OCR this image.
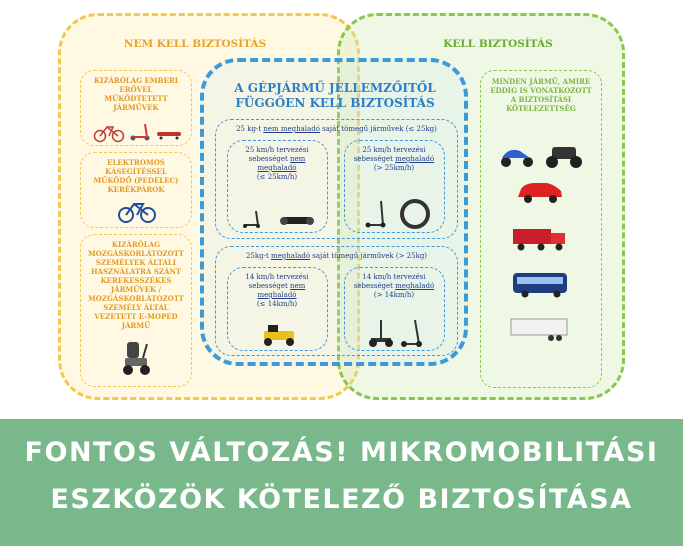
NEM KELL BIZTOSÍTÁS
KIZÁRÓLAG EMBERI ERŐVEL MŰKÖDTETETT JÁRMŰVEK
ELEKTROMOS KÁSEGÍTÉSSEL MŰKÖDŐ (PEDELEC) KERÉKPÁROK
KIZÁRÓLAG MOZGÁSKORLÁTOZOTT SZEMÉLYEK ÁLTALI HASZNÁLATRA SZÁNT KEREKESSZÉKES JÁRMŰVEK / MOZGÁSKORLÁTOZOTT SZEMÉLY ÁLTAL VEZETETT E-MOPED JÁRMŰ
KELL BIZTOSÍTÁS
MINDEN JÁRMŰ, AMIRE EDDIG IS VONATKOZOTT A BIZTOSÍTÁSI KÖTELEZETTSÉG
A GÉPJÁRMŰ JELLEMZŐITŐL
FÜGGŐEN KELL BIZTOSÍTÁS
25 kg-t nem meghaladó saját tömegű járművek (≤ 25kg)
25 km/h tervezési sebességet nem meghaladó
(≤ 25km/h)
25 km/h tervezési sebességet meghaladó
(> 25km/h)
25kg-t meghaladó saját tömegű járművek (> 25kg)
14 km/h tervezési sebességet nem meghaladó
(≤ 14km/h)
14 km/h tervezési sebességet meghaladó
(> 14km/h)
FONTOS VÁLTOZÁS! MIKROMOBILITÁSI
ESZKÖZÖK KÖTELEZŐ BIZTOSÍTÁSA
